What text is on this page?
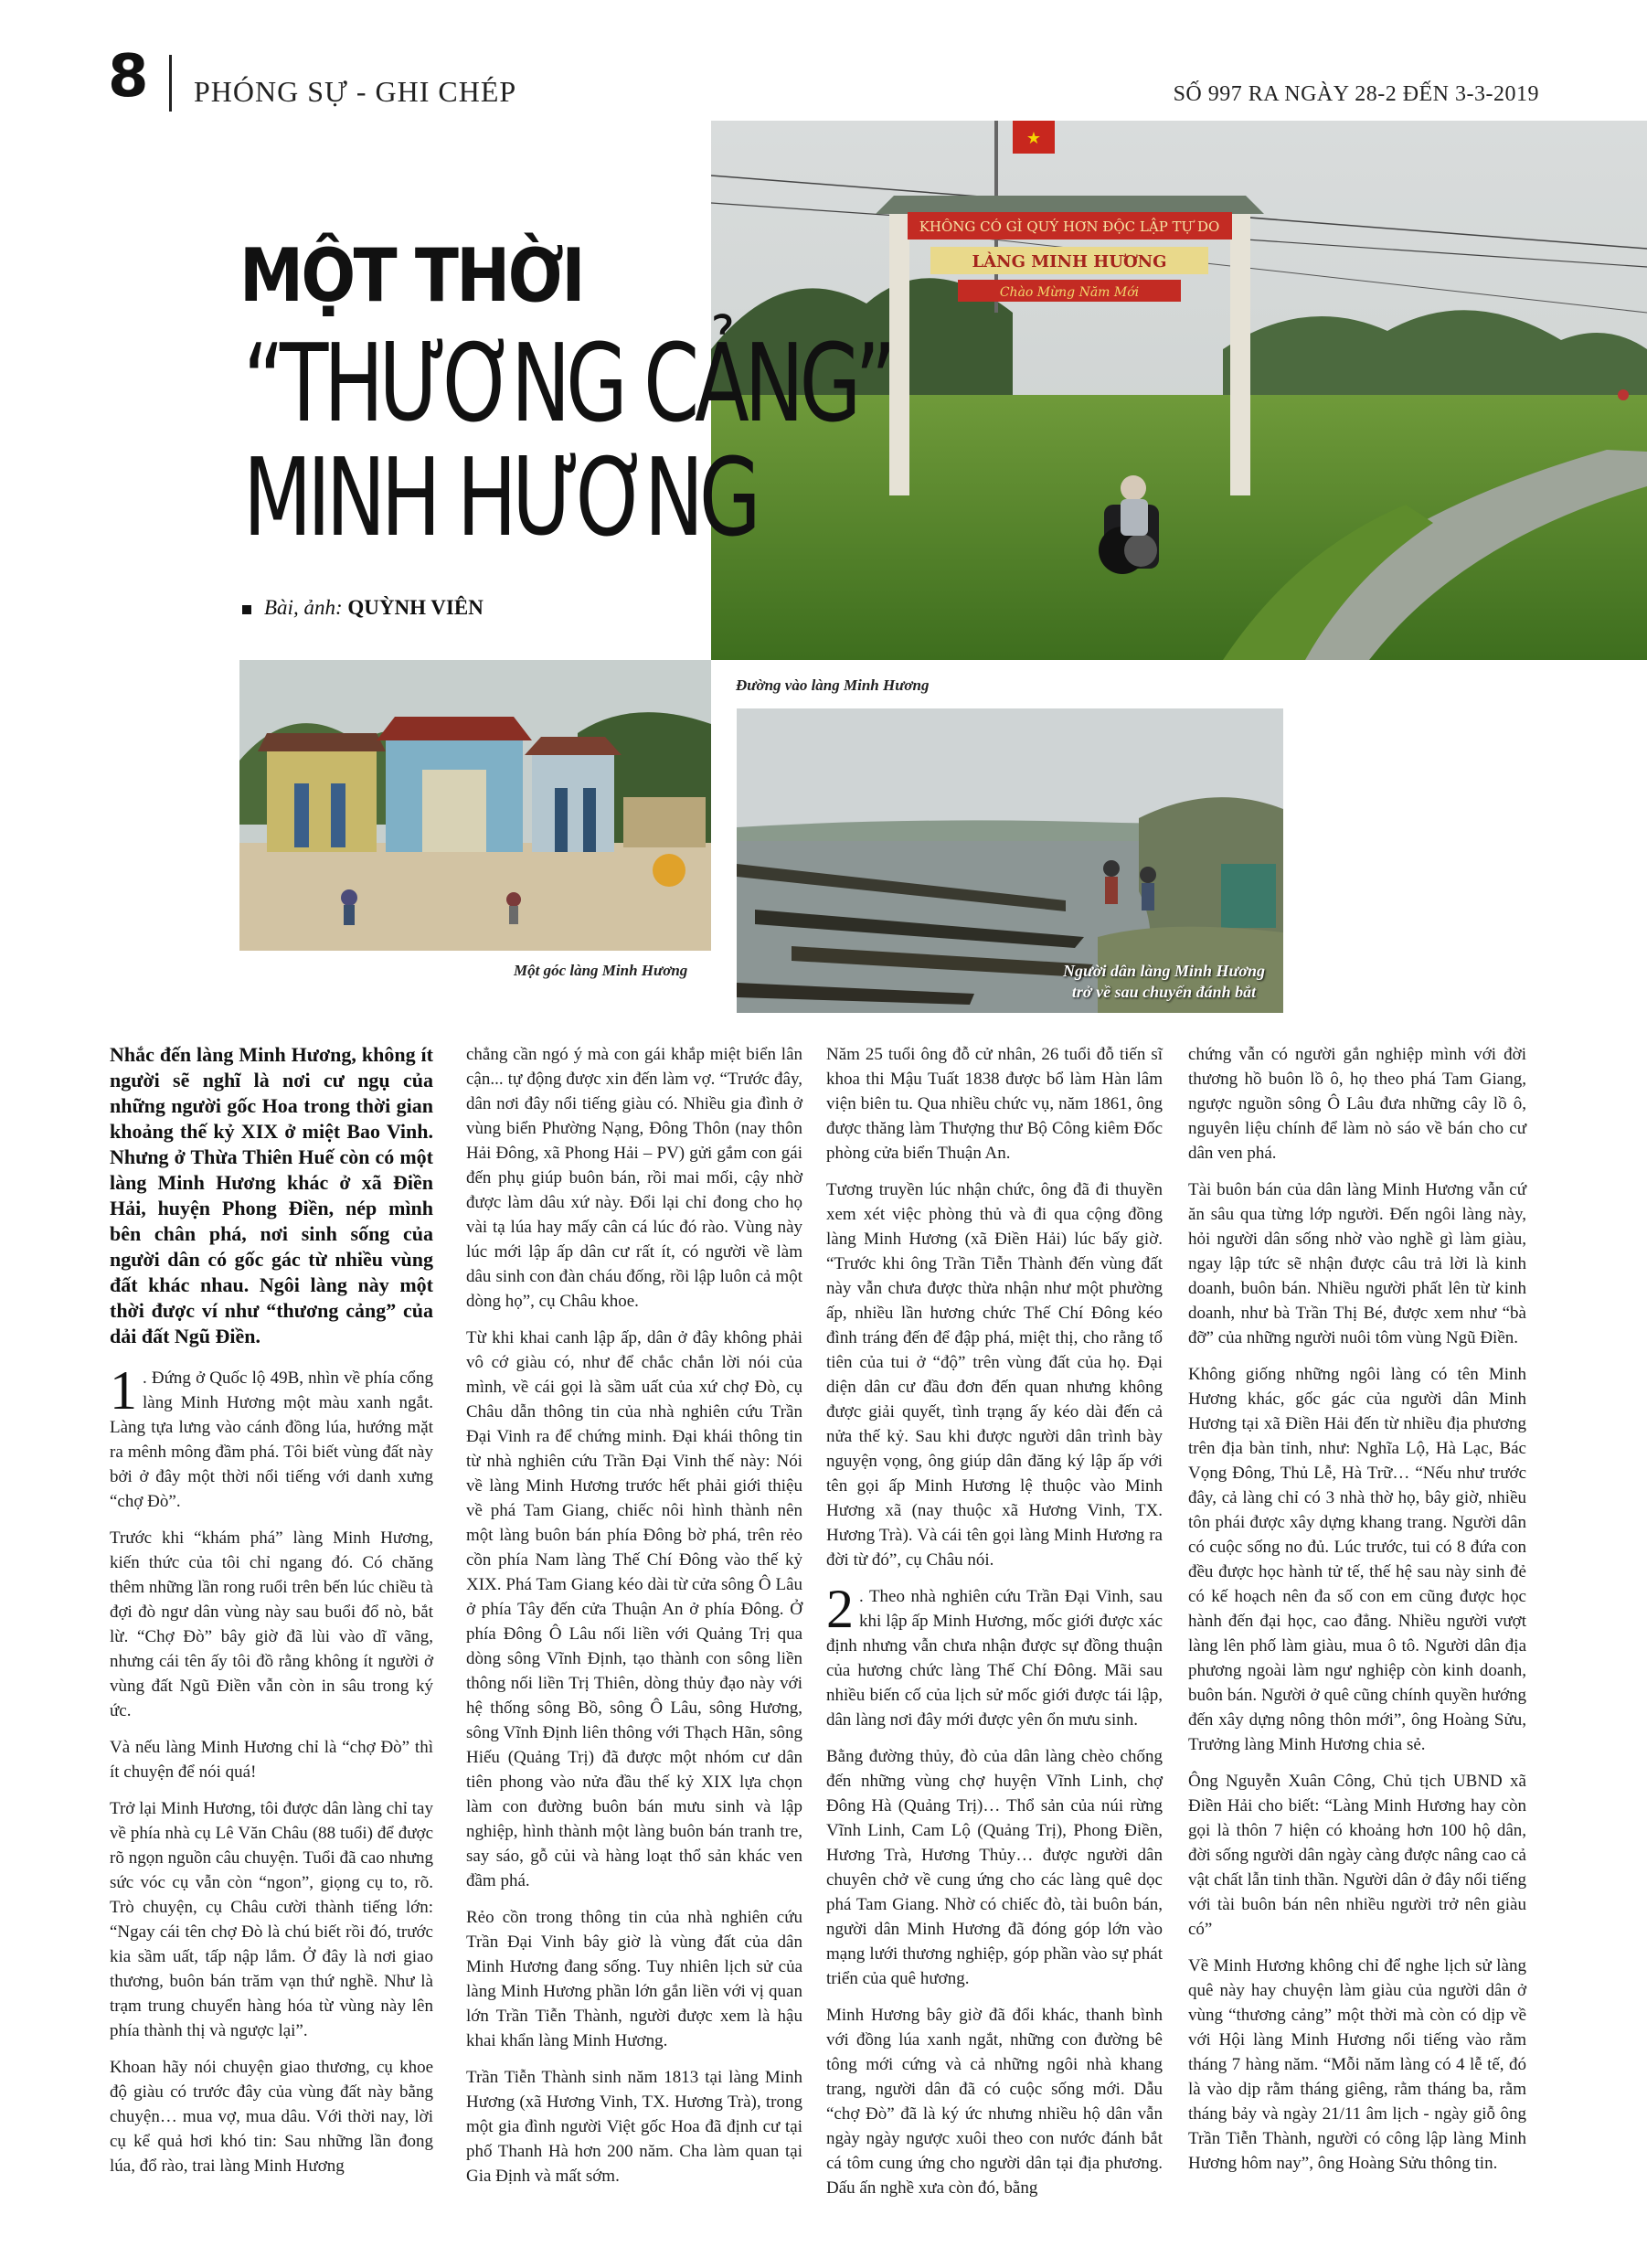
8 PHÓNG SỰ - GHI CHÉP	SỐ 997 RA NGÀY 28-2 ĐẾN 3-3-2019
★
KHÔNG CÓ GÌ QUÝ HƠN ĐỘC LẬP TỰ DO
LÀNG MINH HƯƠNG
Chào Mừng Năm Mới
MỘT THỜI
“THƯƠNG CẢNG”
MINH HƯƠNG
Bài, ảnh: QUỲNH VIÊN
Một góc làng Minh Hương
Đường vào làng Minh Hương
Người dân làng Minh Hương
trở về sau chuyến đánh bắt

Nhắc đến làng Minh Hương, không ít người sẽ nghĩ là nơi cư ngụ của những người gốc Hoa trong thời gian khoảng thế kỷ XIX ở miệt Bao Vinh. Nhưng ở Thừa Thiên Huế còn có một làng Minh Hương khác ở xã Điền Hải, huyện Phong Điền, nép mình bên chân phá, nơi sinh sống của người dân có gốc gác từ nhiều vùng đất khác nhau. Ngôi làng này một thời được ví như “thương cảng” của dải đất Ngũ Điền.

1 . Đứng ở Quốc lộ 49B, nhìn về phía cổng làng Minh Hương một màu xanh ngắt. Làng tựa lưng vào cánh đồng lúa, hướng mặt ra mênh mông đầm phá. Tôi biết vùng đất này bởi ở đây một thời nổi tiếng với danh xưng “chợ Đò”.

Trước khi “khám phá” làng Minh Hương, kiến thức của tôi chỉ ngang đó. Có chăng thêm những lần rong ruổi trên bến lúc chiều tà đợi đò ngư dân vùng này sau buổi đổ nò, bắt lừ. “Chợ Đò” bây giờ đã lùi vào dĩ vãng, nhưng cái tên ấy tôi đồ rằng không ít người ở vùng đất Ngũ Điền vẫn còn in sâu trong ký ức.

Và nếu làng Minh Hương chỉ là “chợ Đò” thì ít chuyện để nói quá!

Trở lại Minh Hương, tôi được dân làng chỉ tay về phía nhà cụ Lê Văn Châu (88 tuổi) để được rõ ngọn nguồn câu chuyện. Tuổi đã cao nhưng sức vóc cụ vẫn còn “ngon”, giọng cụ to, rõ. Trò chuyện, cụ Châu cười thành tiếng lớn: “Ngay cái tên chợ Đò là chú biết rồi đó, trước kia sầm uất, tấp nập lắm. Ở đây là nơi giao thương, buôn bán trăm vạn thứ nghề. Như là trạm trung chuyển hàng hóa từ vùng này lên phía thành thị và ngược lại”.

Khoan hãy nói chuyện giao thương, cụ khoe độ giàu có trước đây của vùng đất này bằng chuyện… mua vợ, mua dâu. Với thời nay, lời cụ kể quả hơi khó tin: Sau những lần đong lúa, đổ rào, trai làng Minh Hương

chẳng cần ngó ý mà con gái khắp miệt biển lân cận... tự động được xin đến làm vợ. “Trước đây, dân nơi đây nổi tiếng giàu có. Nhiều gia đình ở vùng biển Phường Nạng, Đông Thôn (nay thôn Hải Đông, xã Phong Hải – PV) gửi gắm con gái đến phụ giúp buôn bán, rồi mai mối, cậy nhờ được làm dâu xứ này. Đổi lại chỉ đong cho họ vài tạ lúa hay mấy cân cá lúc đó rào. Vùng này lúc mới lập ấp dân cư rất ít, có người về làm dâu sinh con đàn cháu đống, rồi lập luôn cả một dòng họ”, cụ Châu khoe.

Từ khi khai canh lập ấp, dân ở đây không phải vô cớ giàu có, như để chắc chắn lời nói của mình, về cái gọi là sầm uất của xứ chợ Đò, cụ Châu dẫn thông tin của nhà nghiên cứu Trần Đại Vinh ra để chứng minh. Đại khái thông tin từ nhà nghiên cứu Trần Đại Vinh thế này: Nói về làng Minh Hương trước hết phải giới thiệu về phá Tam Giang, chiếc nôi hình thành nên một làng buôn bán phía Đông bờ phá, trên rẻo cồn phía Nam làng Thế Chí Đông vào thế kỷ XIX. Phá Tam Giang kéo dài từ cửa sông Ô Lâu ở phía Tây đến cửa Thuận An ở phía Đông. Ở phía Đông Ô Lâu nối liền với Quảng Trị qua dòng sông Vĩnh Định, tạo thành con sông liền thông nối liền Trị Thiên, dòng thủy đạo này với hệ thống sông Bồ, sông Ô Lâu, sông Hương, sông Vĩnh Định liên thông với Thạch Hãn, sông Hiếu (Quảng Trị) đã được một nhóm cư dân tiên phong vào nửa đầu thế kỷ XIX lựa chọn làm con đường buôn bán mưu sinh và lập nghiệp, hình thành một làng buôn bán tranh tre, say sáo, gỗ củi và hàng loạt thổ sản khác ven đầm phá.

Rẻo cồn trong thông tin của nhà nghiên cứu Trần Đại Vinh bây giờ là vùng đất của dân Minh Hương đang sống. Tuy nhiên lịch sử của làng Minh Hương phần lớn gắn liền với vị quan lớn Trần Tiễn Thành, người được xem là hậu khai khẩn làng Minh Hương.

Trần Tiễn Thành sinh năm 1813 tại làng Minh Hương (xã Hương Vinh, TX. Hương Trà), trong một gia đình người Việt gốc Hoa đã định cư tại phố Thanh Hà hơn 200 năm. Cha làm quan tại Gia Định và mất sớm.

Năm 25 tuổi ông đỗ cử nhân, 26 tuổi đỗ tiến sĩ khoa thi Mậu Tuất 1838 được bổ làm Hàn lâm viện biên tu. Qua nhiều chức vụ, năm 1861, ông được thăng làm Thượng thư Bộ Công kiêm Đốc phòng cửa biển Thuận An.

Tương truyền lúc nhận chức, ông đã đi thuyền xem xét việc phòng thủ và đi qua cộng đồng làng Minh Hương (xã Điền Hải) lúc bấy giờ. “Trước khi ông Trần Tiễn Thành đến vùng đất này vẫn chưa được thừa nhận như một phường ấp, nhiều lần hương chức Thế Chí Đông kéo đình tráng đến để đập phá, miệt thị, cho rằng tổ tiên của tui ở “độ” trên vùng đất của họ. Đại diện dân cư đầu đơn đến quan nhưng không được giải quyết, tình trạng ấy kéo dài đến cả nửa thế kỷ. Sau khi được người dân trình bày nguyện vọng, ông giúp dân đăng ký lập ấp với tên gọi ấp Minh Hương lệ thuộc vào Minh Hương xã (nay thuộc xã Hương Vinh, TX. Hương Trà). Và cái tên gọi làng Minh Hương ra đời từ đó”, cụ Châu nói.

2 . Theo nhà nghiên cứu Trần Đại Vinh, sau khi lập ấp Minh Hương, mốc giới được xác định nhưng vẫn chưa nhận được sự đồng thuận của hương chức làng Thế Chí Đông. Mãi sau nhiều biến cố của lịch sử mốc giới được tái lập, dân làng nơi đây mới được yên ổn mưu sinh.

Bằng đường thủy, đò của dân làng chèo chống đến những vùng chợ huyện Vĩnh Linh, chợ Đông Hà (Quảng Trị)… Thổ sản của núi rừng Vĩnh Linh, Cam Lộ (Quảng Trị), Phong Điền, Hương Trà, Hương Thủy… được người dân chuyên chở về cung ứng cho các làng quê dọc phá Tam Giang. Nhờ có chiếc đò, tài buôn bán, người dân Minh Hương đã đóng góp lớn vào mạng lưới thương nghiệp, góp phần vào sự phát triển của quê hương.

Minh Hương bây giờ đã đổi khác, thanh bình với đồng lúa xanh ngắt, những con đường bê tông mới cứng và cả những ngôi nhà khang trang, người dân đã có cuộc sống mới. Dẫu “chợ Đò” đã là ký ức nhưng nhiều hộ dân vẫn ngày ngày ngược xuôi theo con nước đánh bắt cá tôm cung ứng cho người dân tại địa phương. Dấu ấn nghề xưa còn đó, bằng

chứng vẫn có người gắn nghiệp mình với đời thương hồ buôn lồ ô, họ theo phá Tam Giang, ngược nguồn sông Ô Lâu đưa những cây lồ ô, nguyên liệu chính để làm nò sáo về bán cho cư dân ven phá.

Tài buôn bán của dân làng Minh Hương vẫn cứ ăn sâu qua từng lớp người. Đến ngôi làng này, hỏi người dân sống nhờ vào nghề gì làm giàu, ngay lập tức sẽ nhận được câu trả lời là kinh doanh, buôn bán. Nhiều người phất lên từ kinh doanh, như bà Trần Thị Bé, được xem như “bà đỡ” của những người nuôi tôm vùng Ngũ Điền.

Không giống những ngôi làng có tên Minh Hương khác, gốc gác của người dân Minh Hương tại xã Điền Hải đến từ nhiều địa phương trên địa bàn tỉnh, như: Nghĩa Lộ, Hà Lạc, Bác Vọng Đông, Thủ Lễ, Hà Trữ… “Nếu như trước đây, cả làng chỉ có 3 nhà thờ họ, bây giờ, nhiều tôn phái được xây dựng khang trang. Người dân có cuộc sống no đủ. Lúc trước, tui có 8 đứa con đều được học hành tử tế, thế hệ sau này sinh đẻ có kế hoạch nên đa số con em cũng được học hành đến đại học, cao đẳng. Nhiều người vượt làng lên phố làm giàu, mua ô tô. Người dân địa phương ngoài làm ngư nghiệp còn kinh doanh, buôn bán. Người ở quê cũng chính quyền hướng đến xây dựng nông thôn mới”, ông Hoàng Sửu, Trưởng làng Minh Hương chia sẻ.

Ông Nguyễn Xuân Công, Chủ tịch UBND xã Điền Hải cho biết: “Làng Minh Hương hay còn gọi là thôn 7 hiện có khoảng hơn 100 hộ dân, đời sống người dân ngày càng được nâng cao cả vật chất lẫn tinh thần. Người dân ở đây nổi tiếng với tài buôn bán nên nhiều người trở nên giàu có”

Về Minh Hương không chỉ để nghe lịch sử làng quê này hay chuyện làm giàu của người dân ở vùng “thương cảng” một thời mà còn có dịp về với Hội làng Minh Hương nổi tiếng vào rằm tháng 7 hàng năm. “Mỗi năm làng có 4 lễ tế, đó là vào dịp rằm tháng giêng, rằm tháng ba, rằm tháng bảy và ngày 21/11 âm lịch - ngày giỗ ông Trần Tiễn Thành, người có công lập làng Minh Hương hôm nay”, ông Hoàng Sửu thông tin.
